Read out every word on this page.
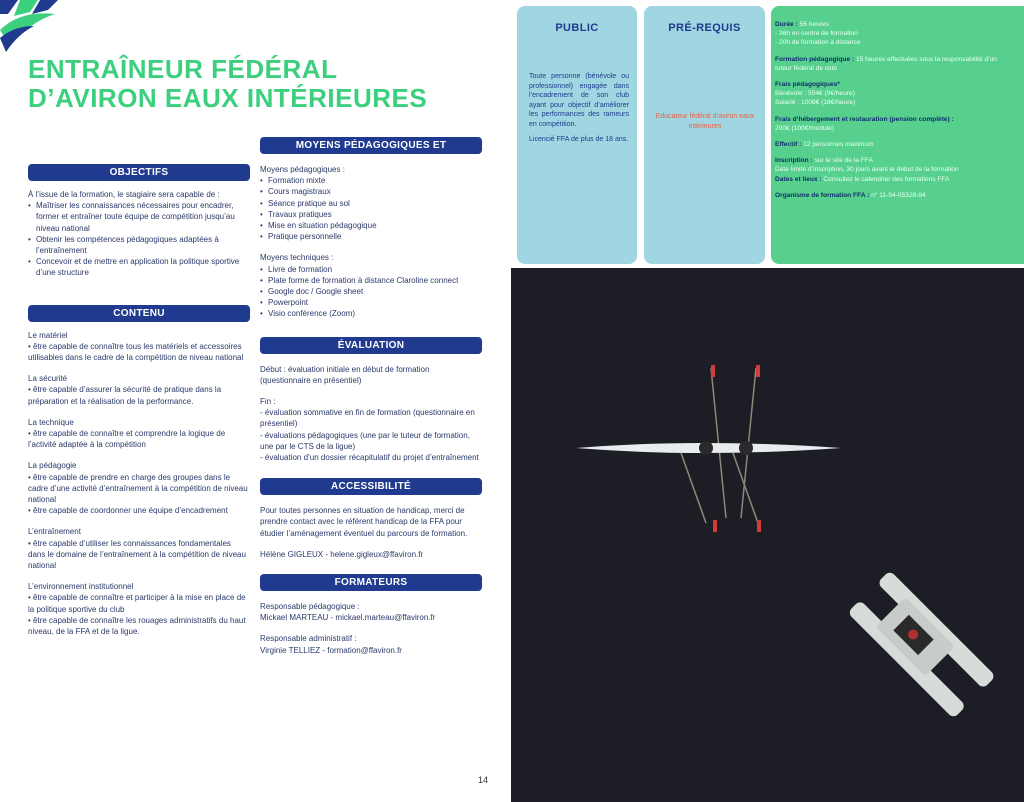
ENTRAÎNEUR FÉDÉRAL
D’AVIRON EAUX INTÉRIEURES
OBJECTIFS

À l’issue de la formation, le stagiaire sera capable de :

• Maîtriser les connaissances nécessaires pour encadrer, former et entraîner toute équipe de compétition jusqu’au niveau national
• Obtenir les compétences pédagogiques adaptées à l’entraînement
• Concevoir et de mettre en application la politique sportive d’une structure
CONTENU

Le matériel

• être capable de connaître tous les matériels et accessoires utilisables dans le cadre de la compétition de niveau national

La sécurité

• être capable d’assurer la sécurité de pratique dans la préparation et la réalisation de la performance.

La technique

• être capable de connaître et comprendre la logique de l’activité adaptée à la compétition

La pédagogie

• être capable de prendre en charge des groupes dans le cadre d’une activité d’entraînement à la compétition de niveau national

• être capable de coordonner une équipe d’encadrement

L’entraînement

• être capable d’utiliser les connaissances fondamentales dans le domaine de l’entraînement à la compétition de niveau national

L’environnement institutionnel

• être capable de connaître et participer à la mise en place de la politique sportive du club

• être capable de connaître les rouages administratifs du haut niveau, de la FFA et de la ligue.

MOYENS PÉDAGOGIQUES ET TECHNIQUES

Moyens pédagogiques :

• Formation mixte
• Cours magistraux
• Séance pratique au sol
• Travaux pratiques
• Mise en situation pédagogique
• Pratique personnelle

Moyens techniques :

• Livre de formation
• Plate forme de formation à distance Claroline connect
• Google doc / Google sheet
• Powerpoint
• Visio conférence (Zoom)
ÉVALUATION

Début : évaluation initiale en début de formation (questionnaire en présentiel)

Fin :

- évaluation sommative en fin de formation (questionnaire en présentiel)

- évaluations pédagogiques (une par le tuteur de formation, une par le CTS de la ligue)

- évaluation d’un dossier récapitulatif du projet d’entraînement

ACCESSIBILITÉ

Pour toutes personnes en situation de handicap, merci de prendre contact avec le référent handicap de la FFA pour étudier l’aménagement éventuel du parcours de formation.

Hélène GIGLEUX - helene.gigleux@ffaviron.fr

FORMATEURS

Responsable pédagogique :

Mickael MARTEAU - mickael.marteau@ffaviron.fr

Responsable administratif :

Virginie TELLIEZ - formation@ffaviron.fr

14
PUBLIC

Toute personne (bénévole ou professionnel) engagée dans l’encadrement de son club ayant pour objectif d’améliorer les performances des rameurs en compétition.

Licencié FFA de plus de 18 ans.

PRÉ-REQUIS
Educateur fédéral d’aviron eaux intérieures

Durée : 56 heures

- 36h en centre de formation

- 20h de formation à distance

Formation pédagogique : 15 heures effectuées sous la responsabilité d’un tuteur fédéral de club

Frais pédagogiques*

Bénévole : 504€ (9€/heure)

Salarié : 1008€ (18€/heure)

Frais d’hébergement et restauration (pension complète) :

200€ (100€/module)

Effectif : 12 personnes maximum

Inscription : sur le site de la FFA

Date limite d’inscription, 30 jours avant le début de la formation

Dates et lieux : Consultez le calendrier des formations FFA

Organisme de formation FFA : n° 11-94-05328-94
